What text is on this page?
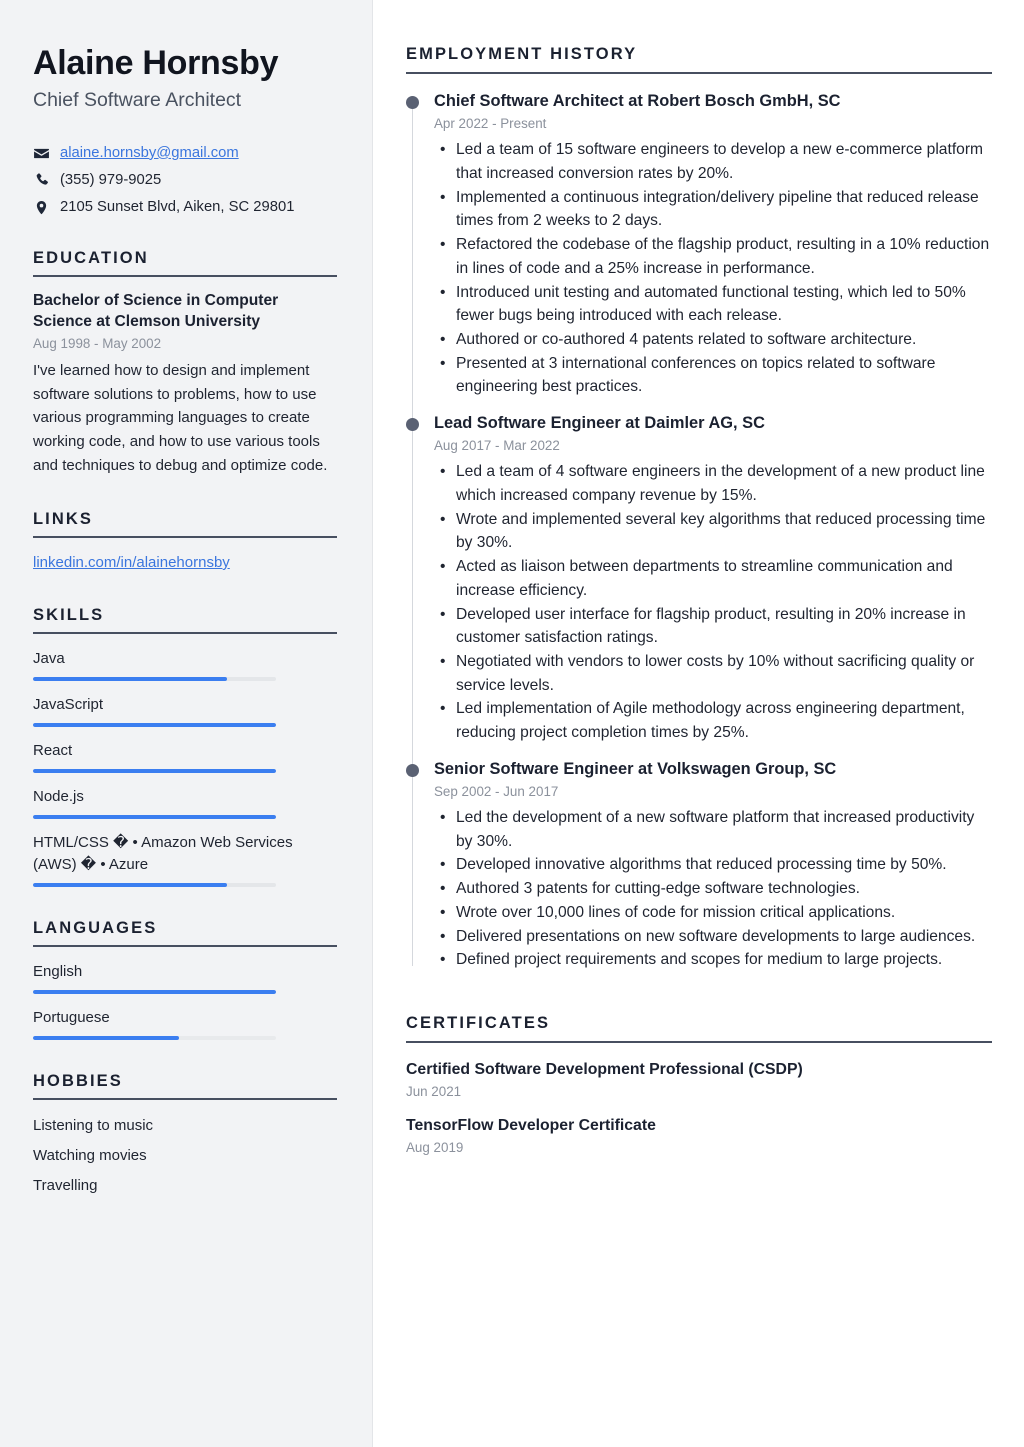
Alaine Hornsby
Chief Software Architect
alaine.hornsby@gmail.com
(355) 979-9025
2105 Sunset Blvd, Aiken, SC 29801
EDUCATION
Bachelor of Science in Computer Science at Clemson University
Aug 1998 - May 2002
I've learned how to design and implement software solutions to problems, how to use various programming languages to create working code, and how to use various tools and techniques to debug and optimize code.
LINKS
linkedin.com/in/alainehornsby
SKILLS
Java
JavaScript
React
Node.js
HTML/CSS � • Amazon Web Services (AWS) � • Azure
LANGUAGES
English
Portuguese
HOBBIES
Listening to music
Watching movies
Travelling
EMPLOYMENT HISTORY
Chief Software Architect at Robert Bosch GmbH, SC
Apr 2022 - Present
• Led a team of 15 software engineers to develop a new e-commerce platform that increased conversion rates by 20%.
• Implemented a continuous integration/delivery pipeline that reduced release times from 2 weeks to 2 days.
• Refactored the codebase of the flagship product, resulting in a 10% reduction in lines of code and a 25% increase in performance.
• Introduced unit testing and automated functional testing, which led to 50% fewer bugs being introduced with each release.
• Authored or co-authored 4 patents related to software architecture.
• Presented at 3 international conferences on topics related to software engineering best practices.
Lead Software Engineer at Daimler AG, SC
Aug 2017 - Mar 2022
• Led a team of 4 software engineers in the development of a new product line which increased company revenue by 15%.
• Wrote and implemented several key algorithms that reduced processing time by 30%.
• Acted as liaison between departments to streamline communication and increase efficiency.
• Developed user interface for flagship product, resulting in 20% increase in customer satisfaction ratings.
• Negotiated with vendors to lower costs by 10% without sacrificing quality or service levels.
• Led implementation of Agile methodology across engineering department, reducing project completion times by 25%.
Senior Software Engineer at Volkswagen Group, SC
Sep 2002 - Jun 2017
• Led the development of a new software platform that increased productivity by 30%.
• Developed innovative algorithms that reduced processing time by 50%.
• Authored 3 patents for cutting-edge software technologies.
• Wrote over 10,000 lines of code for mission critical applications.
• Delivered presentations on new software developments to large audiences.
• Defined project requirements and scopes for medium to large projects.
CERTIFICATES
Certified Software Development Professional (CSDP)
Jun 2021
TensorFlow Developer Certificate
Aug 2019
